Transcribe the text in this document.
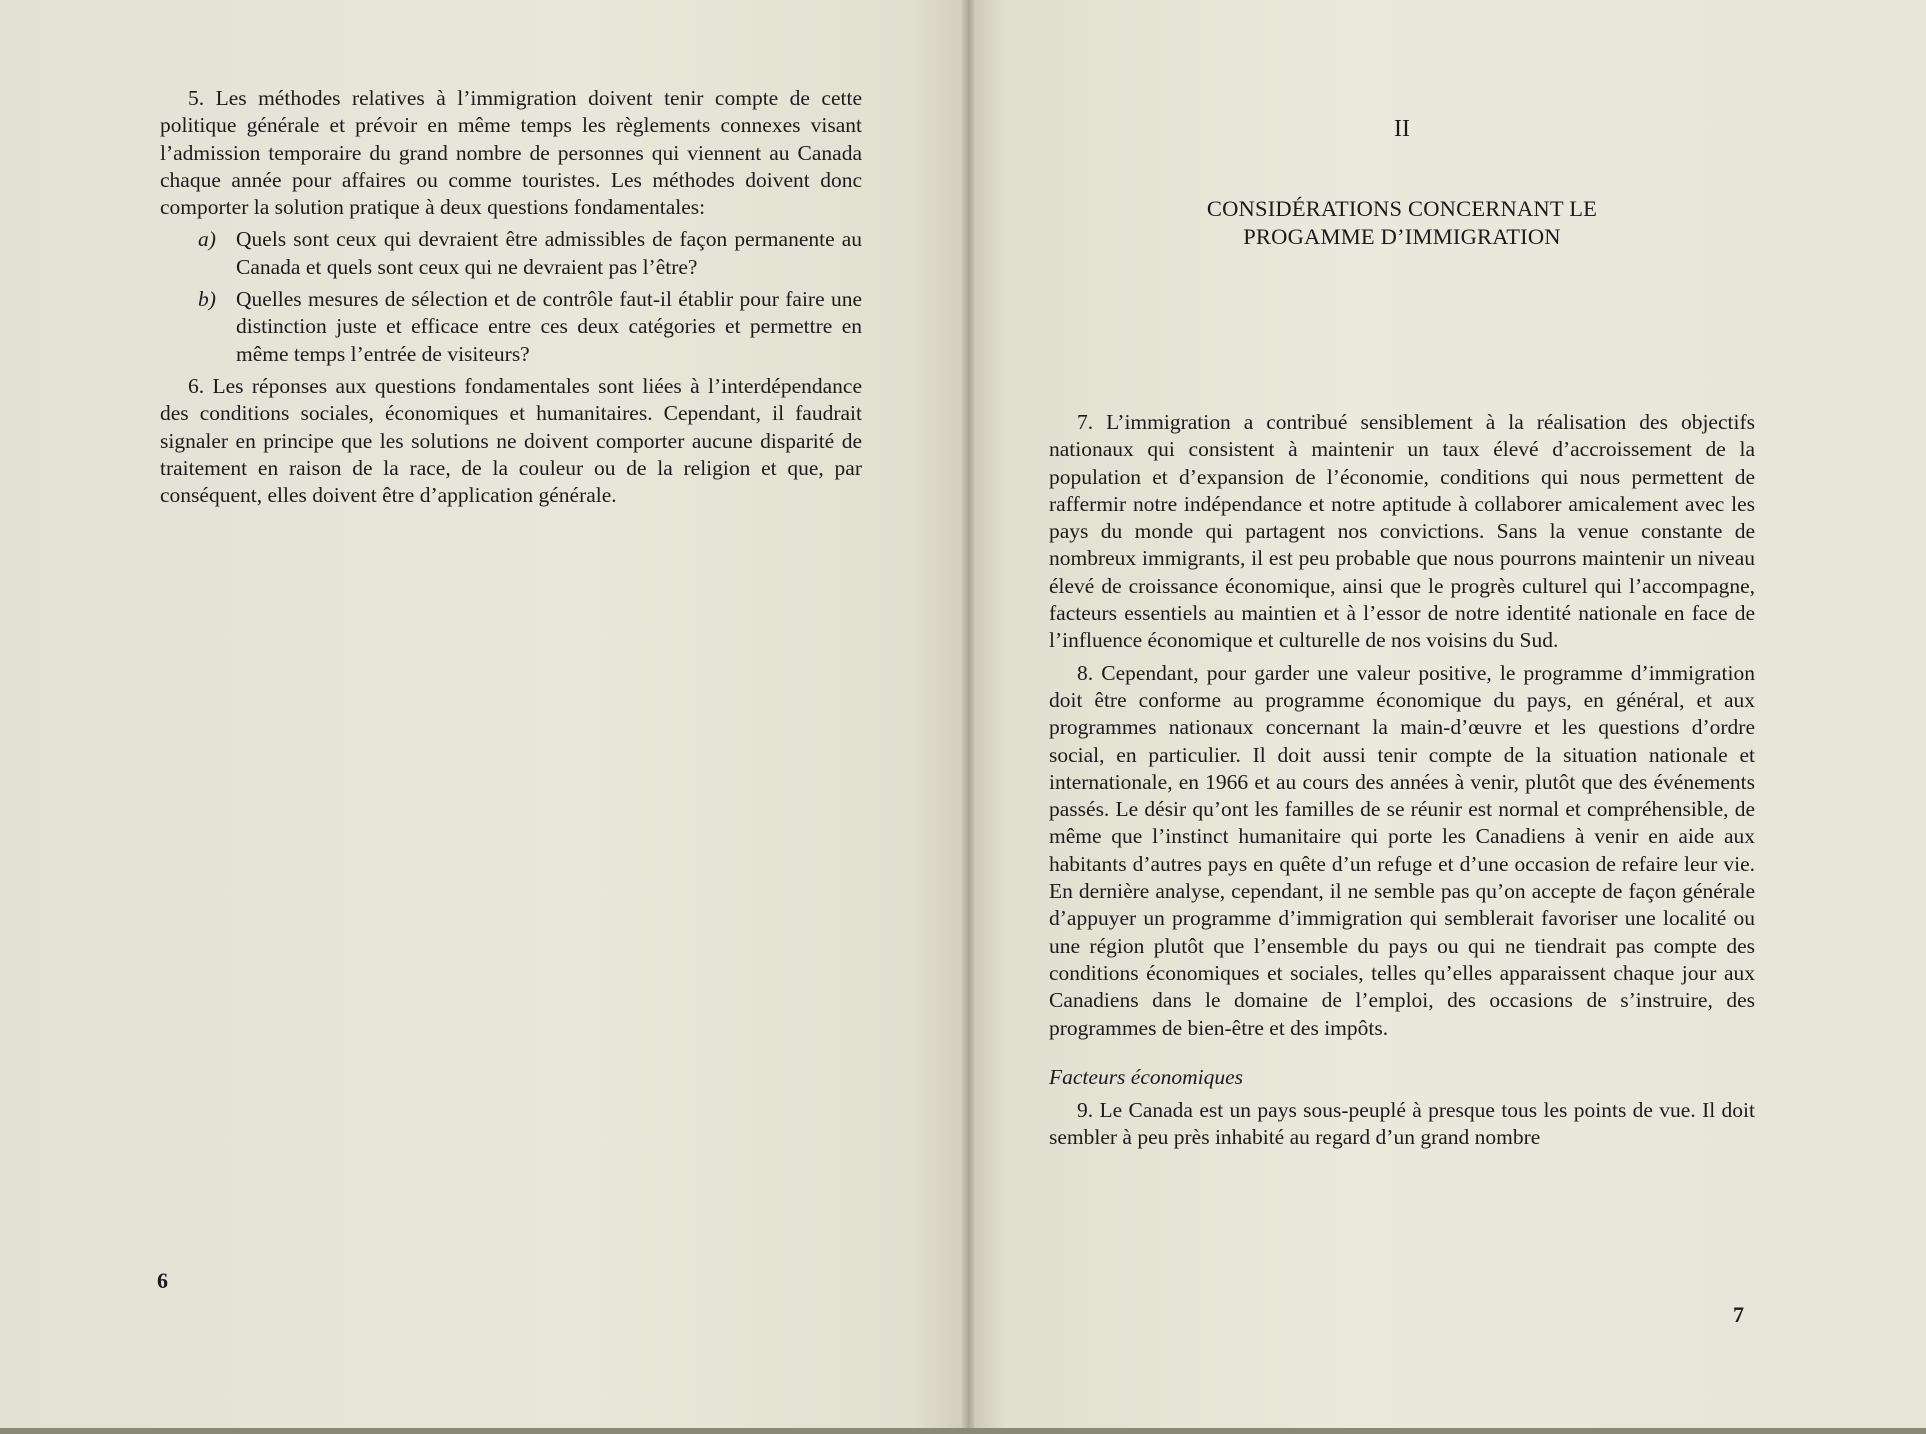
5. Les méthodes relatives à l’immigration doivent tenir compte de cette politique générale et prévoir en même temps les règlements connexes visant l’admission temporaire du grand nombre de personnes qui viennent au Canada chaque année pour affaires ou comme touristes. Les méthodes doivent donc comporter la solution pratique à deux questions fondamentales:

a) Quels sont ceux qui devraient être admissibles de façon permanente au Canada et quels sont ceux qui ne devraient pas l’être?
b) Quelles mesures de sélection et de contrôle faut-il établir pour faire une distinction juste et efficace entre ces deux catégories et permettre en même temps l’entrée de visiteurs?

6. Les réponses aux questions fondamentales sont liées à l’interdépendance des conditions sociales, économiques et humanitaires. Cependant, il faudrait signaler en principe que les solutions ne doivent comporter aucune disparité de traitement en raison de la race, de la couleur ou de la religion et que, par conséquent, elles doivent être d’application générale.

6
II
CONSIDÉRATIONS CONCERNANT LE
PROGAMME D’IMMIGRATION

7. L’immigration a contribué sensiblement à la réalisation des objectifs nationaux qui consistent à maintenir un taux élevé d’accroissement de la population et d’expansion de l’économie, conditions qui nous permettent de raffermir notre indépendance et notre aptitude à collaborer amicalement avec les pays du monde qui partagent nos convictions. Sans la venue constante de nombreux immigrants, il est peu probable que nous pourrons maintenir un niveau élevé de croissance économique, ainsi que le progrès culturel qui l’accompagne, facteurs essentiels au maintien et à l’essor de notre identité nationale en face de l’influence économique et culturelle de nos voisins du Sud.

8. Cependant, pour garder une valeur positive, le programme d’immigration doit être conforme au programme économique du pays, en général, et aux programmes nationaux concernant la main-d’œuvre et les questions d’ordre social, en particulier. Il doit aussi tenir compte de la situation nationale et internationale, en 1966 et au cours des années à venir, plutôt que des événements passés. Le désir qu’ont les familles de se réunir est normal et compréhensible, de même que l’instinct humanitaire qui porte les Canadiens à venir en aide aux habitants d’autres pays en quête d’un refuge et d’une occasion de refaire leur vie. En dernière analyse, cependant, il ne semble pas qu’on accepte de façon générale d’appuyer un programme d’immigration qui semblerait favoriser une localité ou une région plutôt que l’ensemble du pays ou qui ne tiendrait pas compte des conditions économiques et sociales, telles qu’elles apparaissent chaque jour aux Canadiens dans le domaine de l’emploi, des occasions de s’instruire, des programmes de bien-être et des impôts.

Facteurs économiques

9. Le Canada est un pays sous-peuplé à presque tous les points de vue. Il doit sembler à peu près inhabité au regard d’un grand nombre

7
